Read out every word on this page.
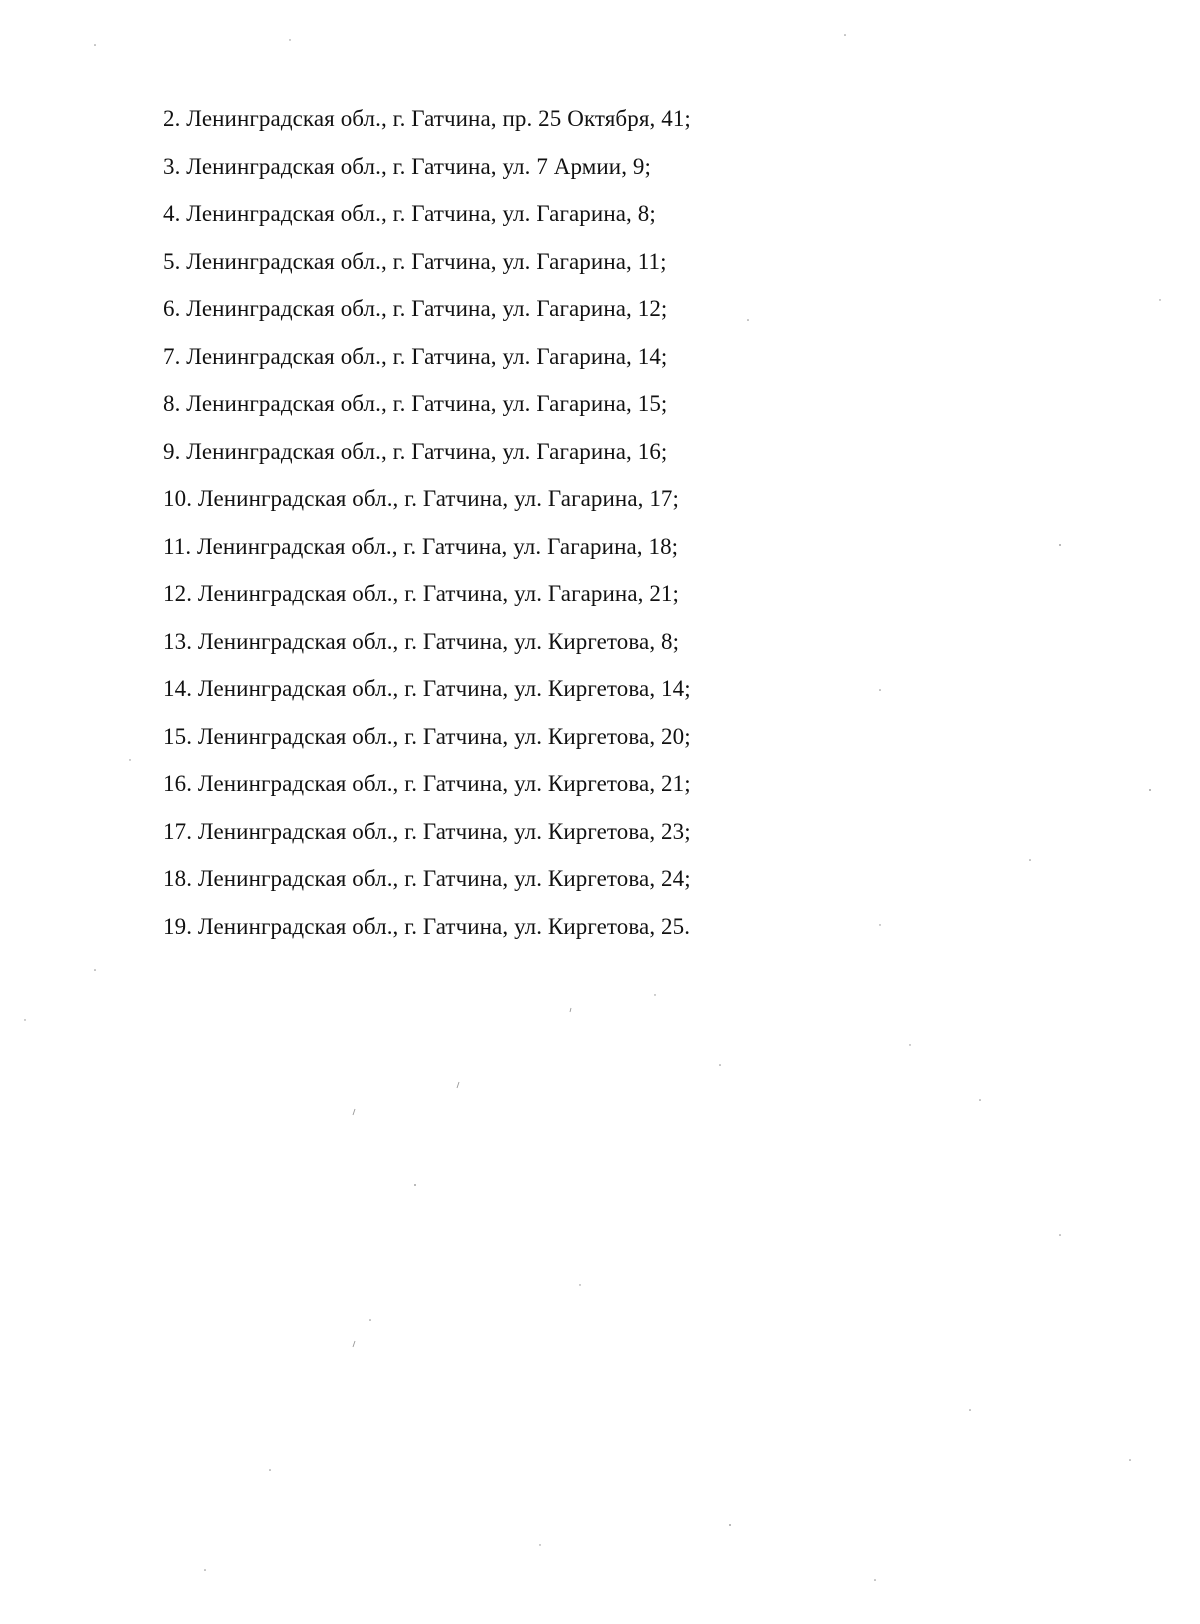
2. Ленинградская обл., г. Гатчина, пр. 25 Октября, 41;
3. Ленинградская обл., г. Гатчина, ул. 7 Армии, 9;
4. Ленинградская обл., г. Гатчина, ул. Гагарина, 8;
5. Ленинградская обл., г. Гатчина, ул. Гагарина, 11;
6. Ленинградская обл., г. Гатчина, ул. Гагарина, 12;
7. Ленинградская обл., г. Гатчина, ул. Гагарина, 14;
8. Ленинградская обл., г. Гатчина, ул. Гагарина, 15;
9. Ленинградская обл., г. Гатчина, ул. Гагарина, 16;
10. Ленинградская обл., г. Гатчина, ул. Гагарина, 17;
11. Ленинградская обл., г. Гатчина, ул. Гагарина, 18;
12. Ленинградская обл., г. Гатчина, ул. Гагарина, 21;
13. Ленинградская обл., г. Гатчина, ул. Киргетова, 8;
14. Ленинградская обл., г. Гатчина, ул. Киргетова, 14;
15. Ленинградская обл., г. Гатчина, ул. Киргетова, 20;
16. Ленинградская обл., г. Гатчина, ул. Киргетова, 21;
17. Ленинградская обл., г. Гатчина, ул. Киргетова, 23;
18. Ленинградская обл., г. Гатчина, ул. Киргетова, 24;
19. Ленинградская обл., г. Гатчина, ул. Киргетова, 25.
